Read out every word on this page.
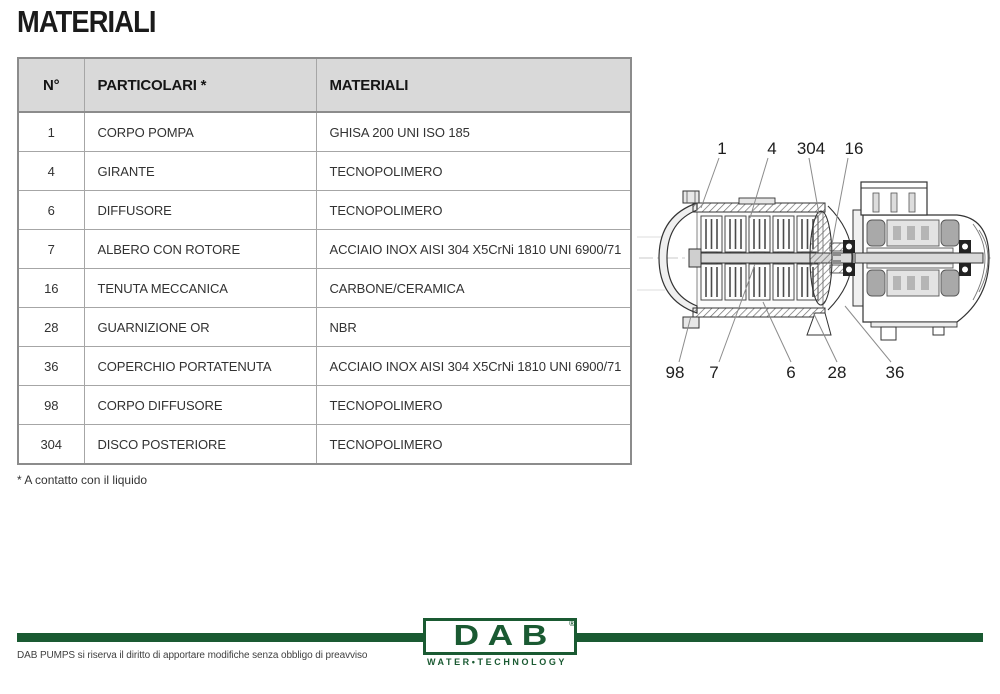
MATERIALI
N°	PARTICOLARI *	MATERIALI
1	CORPO POMPA	GHISA 200 UNI ISO 185
4	GIRANTE	TECNOPOLIMERO
6	DIFFUSORE	TECNOPOLIMERO
7	ALBERO CON ROTORE	ACCIAIO INOX AISI 304 X5CrNi 1810 UNI 6900/71
16	TENUTA MECCANICA	CARBONE/CERAMICA
28	GUARNIZIONE OR	NBR
36	COPERCHIO PORTATENUTA	ACCIAIO INOX AISI 304 X5CrNi 1810 UNI 6900/71
98	CORPO DIFFUSORE	TECNOPOLIMERO
304	DISCO POSTERIORE	TECNOPOLIMERO
* A contatto con il liquido
1 4 304 16
98 7	6 28 36
DAB ®
WATER•TECHNOLOGY
DAB PUMPS si riserva il diritto di apportare modifiche senza obbligo di preavviso
